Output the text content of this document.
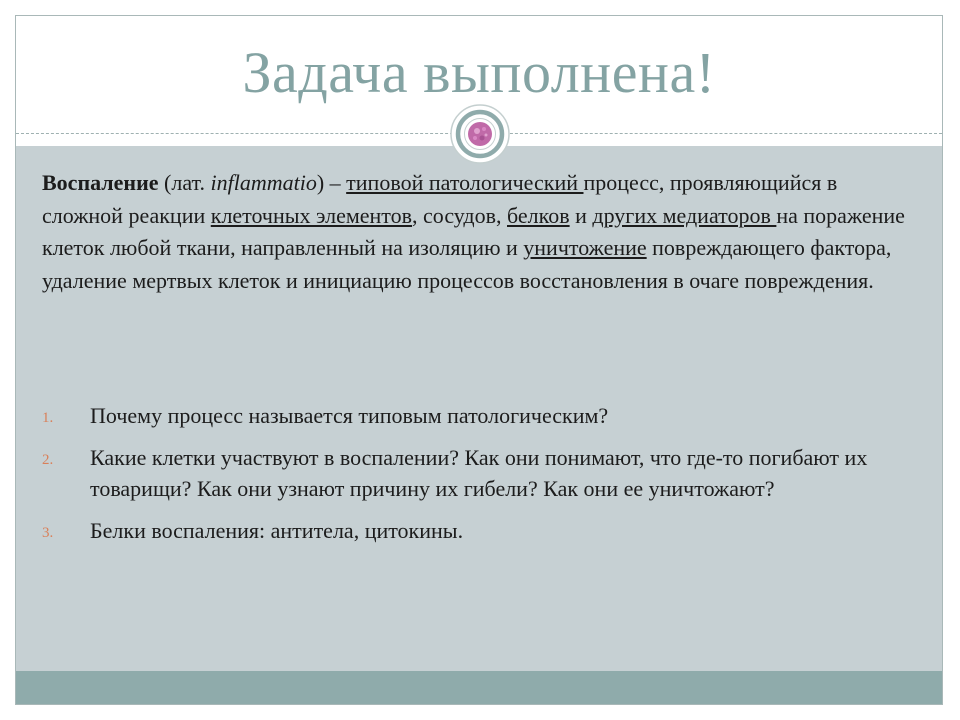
Задача выполнена!
Воспаление (лат. inflammatio) – типовой патологический процесс, проявляющийся в сложной реакции клеточных элементов, сосудов, белков и других медиаторов на поражение клеток любой ткани, направленный на изоляцию и уничтожение повреждающего фактора, удаление мертвых клеток и инициацию процессов восстановления в очаге повреждения.
1. Почему процесс называется типовым патологическим?
2. Какие клетки участвуют в воспалении? Как они понимают, что где-то погибают их товарищи? Как они узнают причину их гибели? Как они ее уничтожают?
3. Белки воспаления: антитела, цитокины.
